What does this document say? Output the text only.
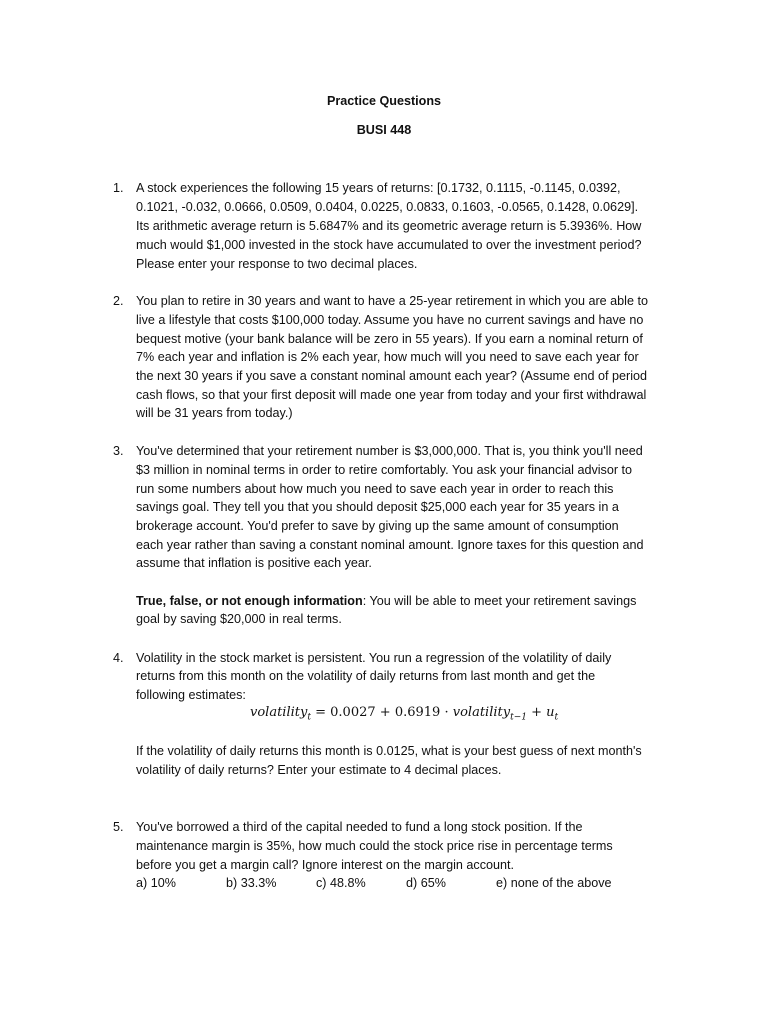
Practice Questions
BUSI 448
1. A stock experiences the following 15 years of returns: [0.1732, 0.1115, -0.1145, 0.0392,
0.1021, -0.032, 0.0666, 0.0509, 0.0404, 0.0225, 0.0833, 0.1603, -0.0565, 0.1428, 0.0629].
Its arithmetic average return is 5.6847% and its geometric average return is 5.3936%. How
much would $1,000 invested in the stock have accumulated to over the investment period?
Please enter your response to two decimal places.
2. You plan to retire in 30 years and want to have a 25-year retirement in which you are able to
live a lifestyle that costs $100,000 today. Assume you have no current savings and have no
bequest motive (your bank balance will be zero in 55 years). If you earn a nominal return of
7% each year and inflation is 2% each year, how much will you need to save each year for
the next 30 years if you save a constant nominal amount each year? (Assume end of period
cash flows, so that your first deposit will made one year from today and your first withdrawal
will be 31 years from today.)
3. You've determined that your retirement number is $3,000,000. That is, you think you'll need
$3 million in nominal terms in order to retire comfortably. You ask your financial advisor to
run some numbers about how much you need to save each year in order to reach this
savings goal. They tell you that you should deposit $25,000 each year for 35 years in a
brokerage account. You'd prefer to save by giving up the same amount of consumption
each year rather than saving a constant nominal amount. Ignore taxes for this question and
assume that inflation is positive each year.
True, false, or not enough information: You will be able to meet your retirement savings
goal by saving $20,000 in real terms.
4. Volatility in the stock market is persistent. You run a regression of the volatility of daily
returns from this month on the volatility of daily returns from last month and get the
following estimates:
volatility$_t$ = 0.0027 + 0.6919 · volatility$_{t-1}$ + $u_t$
If the volatility of daily returns this month is 0.0125, what is your best guess of next month's
volatility of daily returns? Enter your estimate to 4 decimal places.
5. You've borrowed a third of the capital needed to fund a long stock position. If the
maintenance margin is 35%, how much could the stock price rise in percentage terms
before you get a margin call? Ignore interest on the margin account.
a) 10%	b) 33.3%	c) 48.8%	d) 65%	e) none of the above
